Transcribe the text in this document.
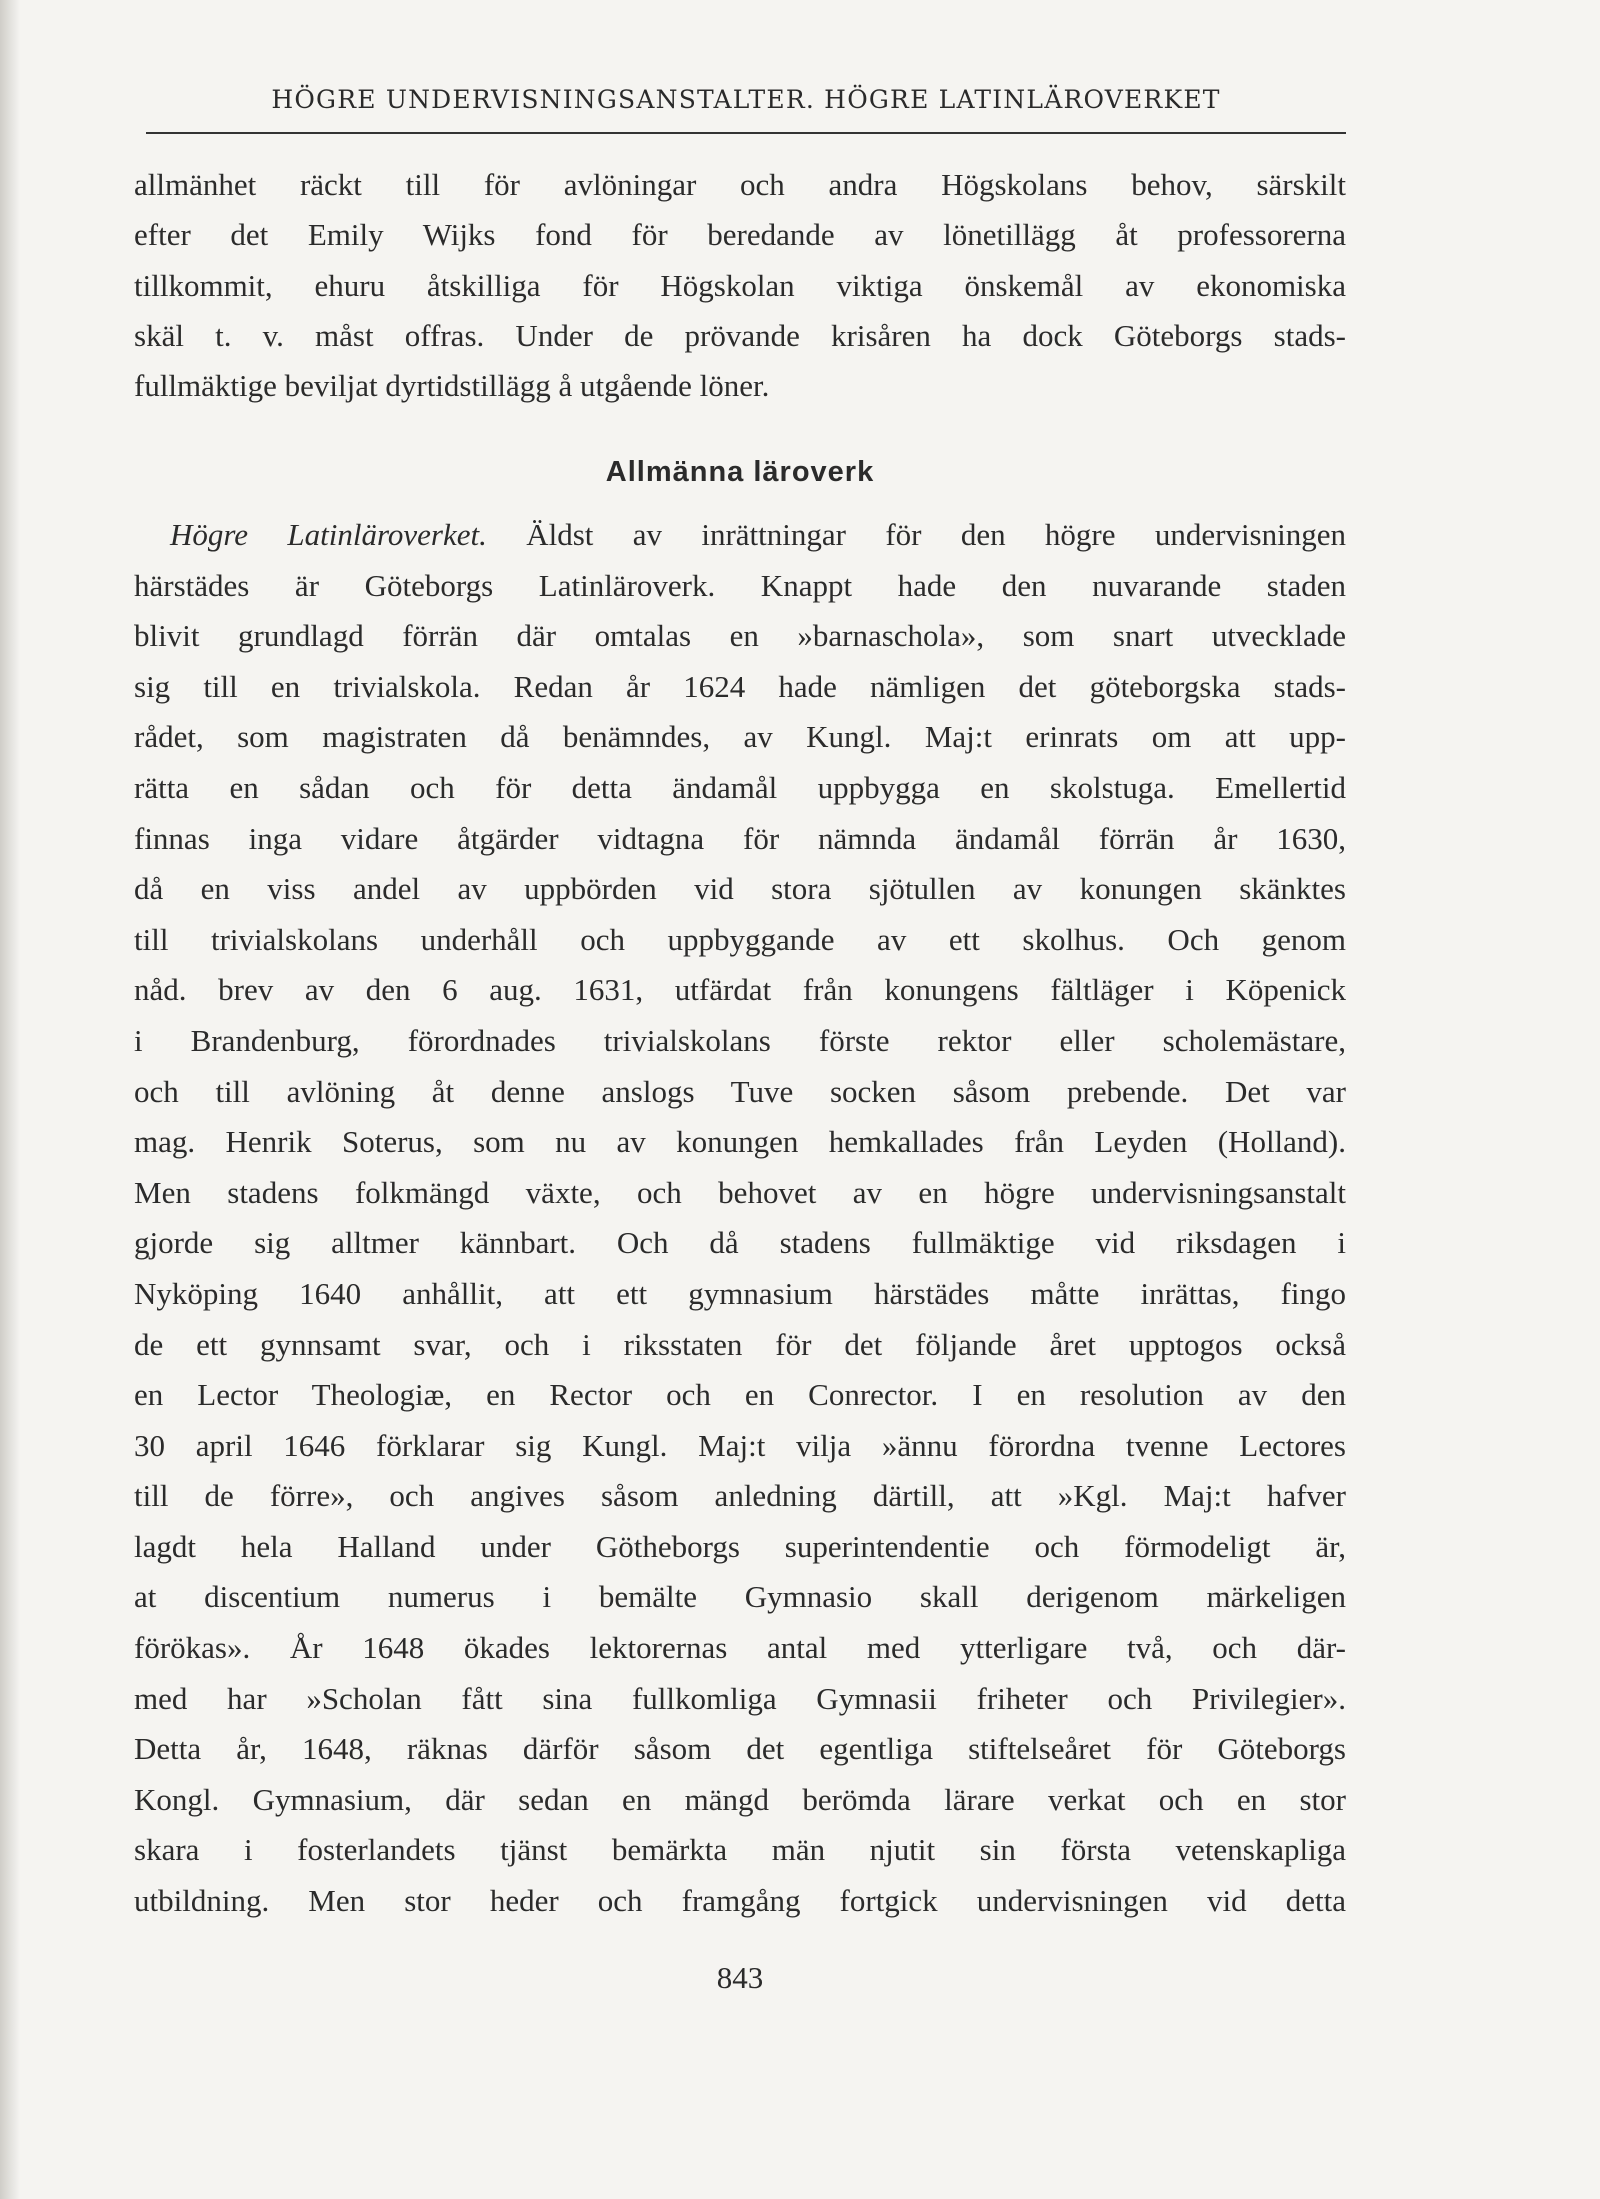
HÖGRE UNDERVISNINGSANSTALTER. HÖGRE LATINLÄROVERKET
allmänhet räckt till för avlöningar och andra Högskolans behov, särskilt
efter det Emily Wijks fond för beredande av lönetillägg åt professorerna
tillkommit, ehuru åtskilliga för Högskolan viktiga önskemål av ekonomiska
skäl t. v. måst offras. Under de prövande krisåren ha dock Göteborgs stads-
fullmäktige beviljat dyrtidstillägg å utgående löner.
Allmänna läroverk
Högre Latinläroverket. Äldst av inrättningar för den högre undervisningen
härstädes är Göteborgs Latinläroverk. Knappt hade den nuvarande staden
blivit grundlagd förrän där omtalas en »barnaschola», som snart utvecklade
sig till en trivialskola. Redan år 1624 hade nämligen det göteborgska stads-
rådet, som magistraten då benämndes, av Kungl. Maj:t erinrats om att upp-
rätta en sådan och för detta ändamål uppbygga en skolstuga. Emellertid
finnas inga vidare åtgärder vidtagna för nämnda ändamål förrän år 1630,
då en viss andel av uppbörden vid stora sjötullen av konungen skänktes
till trivialskolans underhåll och uppbyggande av ett skolhus. Och genom
nåd. brev av den 6 aug. 1631, utfärdat från konungens fältläger i Köpenick
i Brandenburg, förordnades trivialskolans förste rektor eller scholemästare,
och till avlöning åt denne anslogs Tuve socken såsom prebende. Det var
mag. Henrik Soterus, som nu av konungen hemkallades från Leyden (Holland).
Men stadens folkmängd växte, och behovet av en högre undervisningsanstalt
gjorde sig alltmer kännbart. Och då stadens fullmäktige vid riksdagen i
Nyköping 1640 anhållit, att ett gymnasium härstädes måtte inrättas, fingo
de ett gynnsamt svar, och i riksstaten för det följande året upptogos också
en Lector Theologiæ, en Rector och en Conrector. I en resolution av den
30 april 1646 förklarar sig Kungl. Maj:t vilja »ännu förordna tvenne Lectores
till de förre», och angives såsom anledning därtill, att »Kgl. Maj:t hafver
lagdt hela Halland under Götheborgs superintendentie och förmodeligt är,
at discentium numerus i bemälte Gymnasio skall derigenom märkeligen
förökas». År 1648 ökades lektorernas antal med ytterligare två, och där-
med har »Scholan fått sina fullkomliga Gymnasii friheter och Privilegier».
Detta år, 1648, räknas därför såsom det egentliga stiftelseåret för Göteborgs
Kongl. Gymnasium, där sedan en mängd berömda lärare verkat och en stor
skara i fosterlandets tjänst bemärkta män njutit sin första vetenskapliga
utbildning. Men stor heder och framgång fortgick undervisningen vid detta
843
